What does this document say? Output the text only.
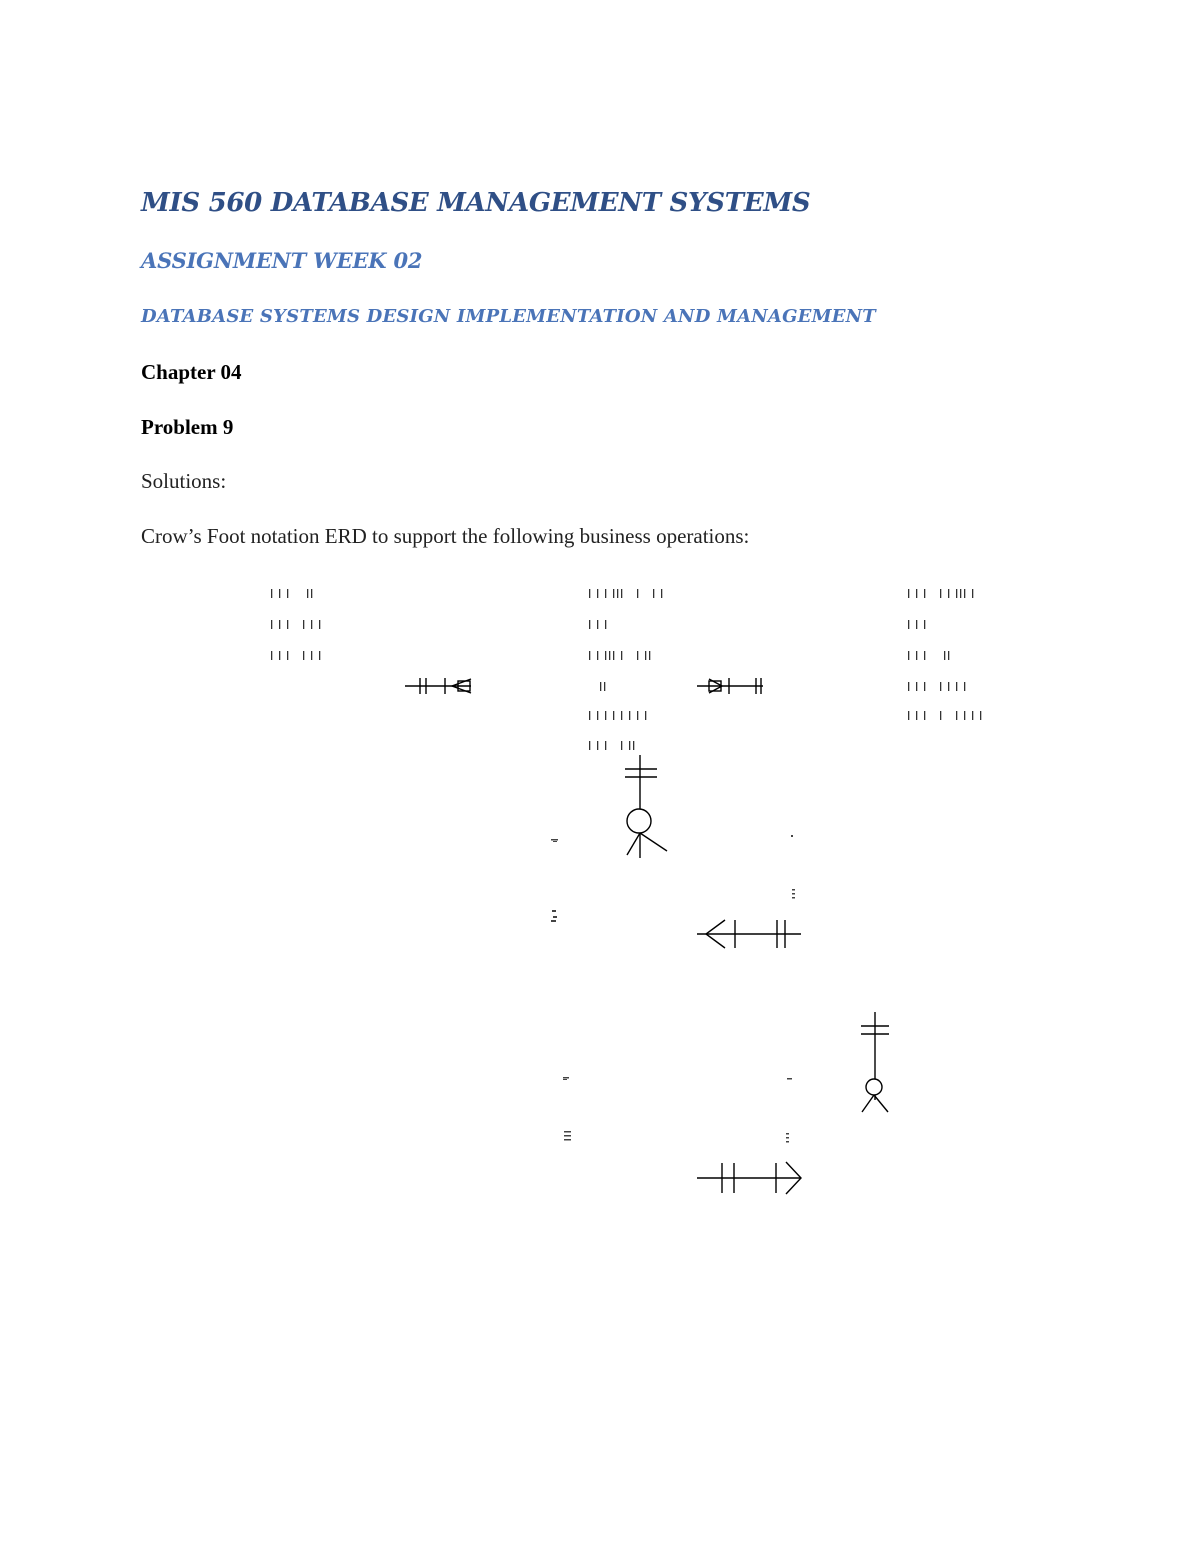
MIS 560 DATABASE MANAGEMENT SYSTEMS
ASSIGNMENT WEEK 02
DATABASE SYSTEMS DESIGN IMPLEMENTATION AND MANAGEMENT

Chapter 04

Problem 9

Solutions:

Crow’s Foot notation ERD to support the following business operations:
